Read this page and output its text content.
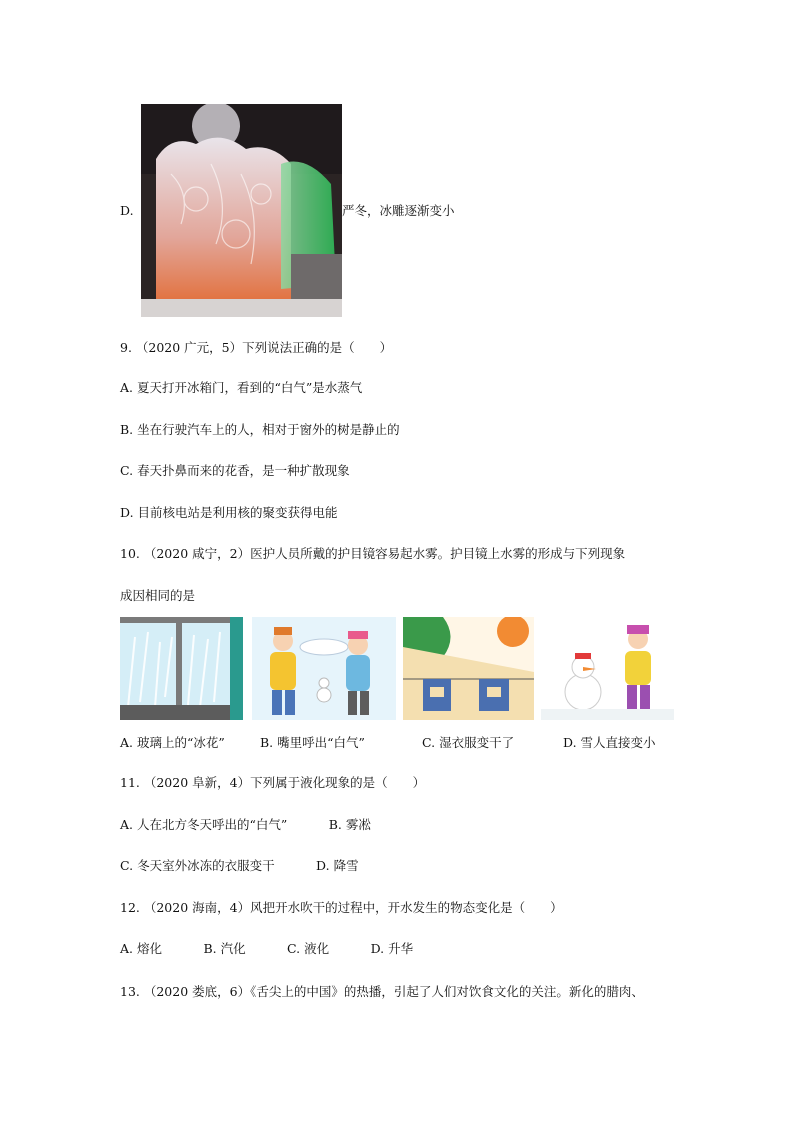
D.	严冬，冰雕逐渐变小
9. （2020 广元，5）下列说法正确的是（　　）
A. 夏天打开冰箱门，看到的“白气”是水蒸气
B. 坐在行驶汽车上的人，相对于窗外的树是静止的
C. 春天扑鼻而来的花香，是一种扩散现象
D. 目前核电站是利用核的聚变获得电能
10. （2020 咸宁，2）医护人员所戴的护目镜容易起水雾。护目镜上水雾的形成与下列现象
成因相同的是
A. 玻璃上的“冰花”	B. 嘴里呼出“白气”	C. 湿衣服变干了	D. 雪人直接变小
11. （2020 阜新，4）下列属于液化现象的是（　　）
A. 人在北方冬天呼出的“白气”　　　 B. 雾凇
C. 冬天室外冰冻的衣服变干　　　 D. 降雪
12. （2020 海南，4）风把开水吹干的过程中，开水发生的物态变化是（　　）
A. 熔化　　　 B. 汽化　　　 C. 液化　　　 D. 升华
13. （2020 娄底，6）《舌尖上的中国》的热播，引起了人们对饮食文化的关注。新化的腊肉、
